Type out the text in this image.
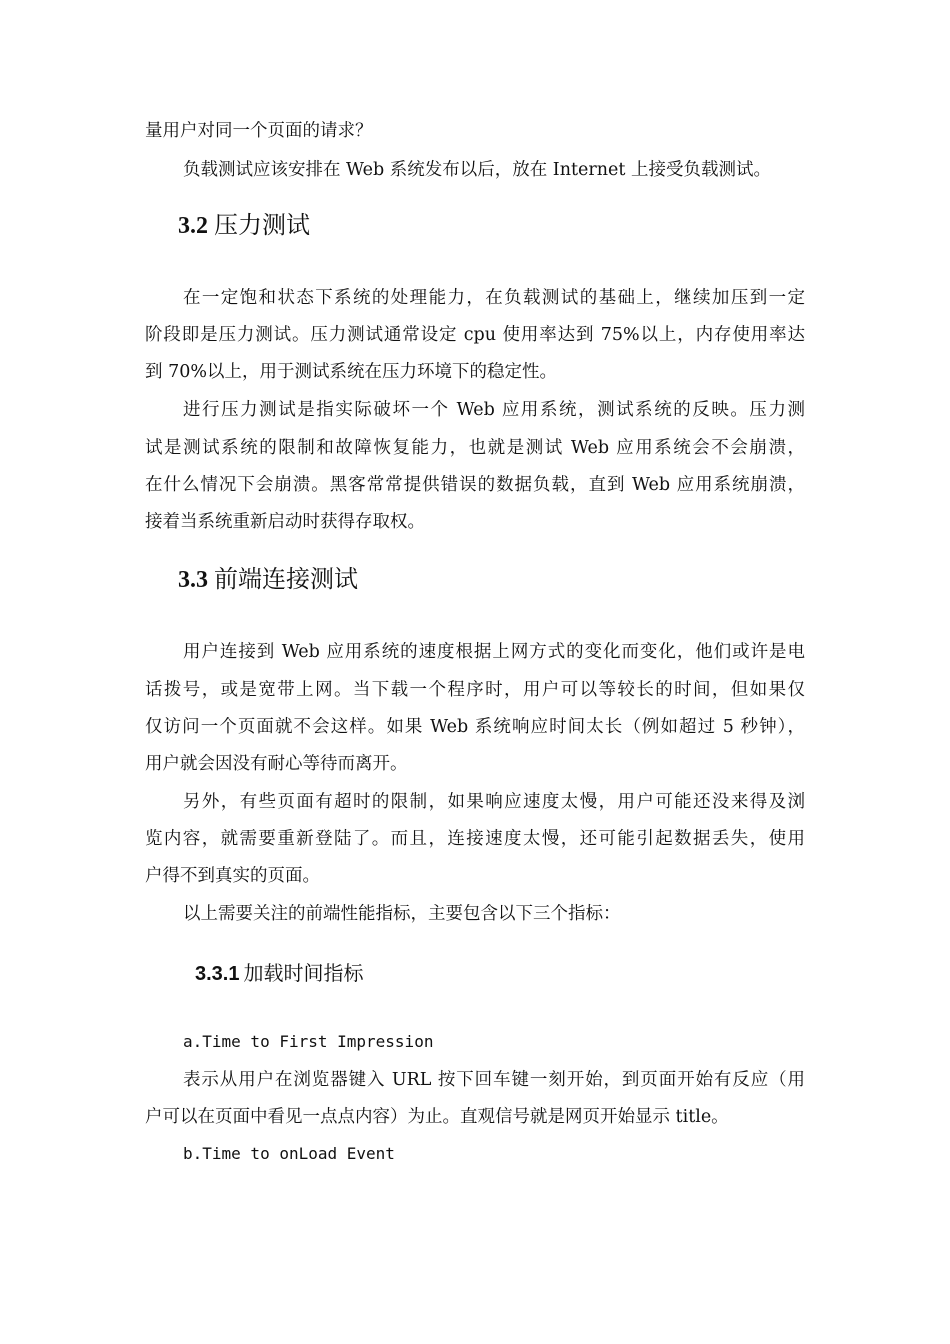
量用户对同一个页面的请求？
负载测试应该安排在 Web 系统发布以后，放在 Internet 上接受负载测试。
3.2 压力测试
在一定饱和状态下系统的处理能力，在负载测试的基础上，继续加压到一定
阶段即是压力测试。压力测试通常设定 cpu 使用率达到 75%以上，内存使用率达
到 70%以上，用于测试系统在压力环境下的稳定性。
进行压力测试是指实际破坏一个 Web 应用系统，测试系统的反映。压力测
试是测试系统的限制和故障恢复能力，也就是测试 Web 应用系统会不会崩溃，
在什么情况下会崩溃。黑客常常提供错误的数据负载，直到 Web 应用系统崩溃，
接着当系统重新启动时获得存取权。
3.3 前端连接测试
用户连接到 Web 应用系统的速度根据上网方式的变化而变化，他们或许是电
话拨号，或是宽带上网。当下载一个程序时，用户可以等较长的时间，但如果仅
仅访问一个页面就不会这样。如果 Web 系统响应时间太长（例如超过 5 秒钟），
用户就会因没有耐心等待而离开。
另外，有些页面有超时的限制，如果响应速度太慢，用户可能还没来得及浏
览内容，就需要重新登陆了。而且，连接速度太慢，还可能引起数据丢失，使用
户得不到真实的页面。
以上需要关注的前端性能指标，主要包含以下三个指标：
3.3.1 加载时间指标
a.Time to First Impression
表示从用户在浏览器键入 URL 按下回车键一刻开始，到页面开始有反应（用
户可以在页面中看见一点点内容）为止。直观信号就是网页开始显示 title。
b.Time to onLoad Event
